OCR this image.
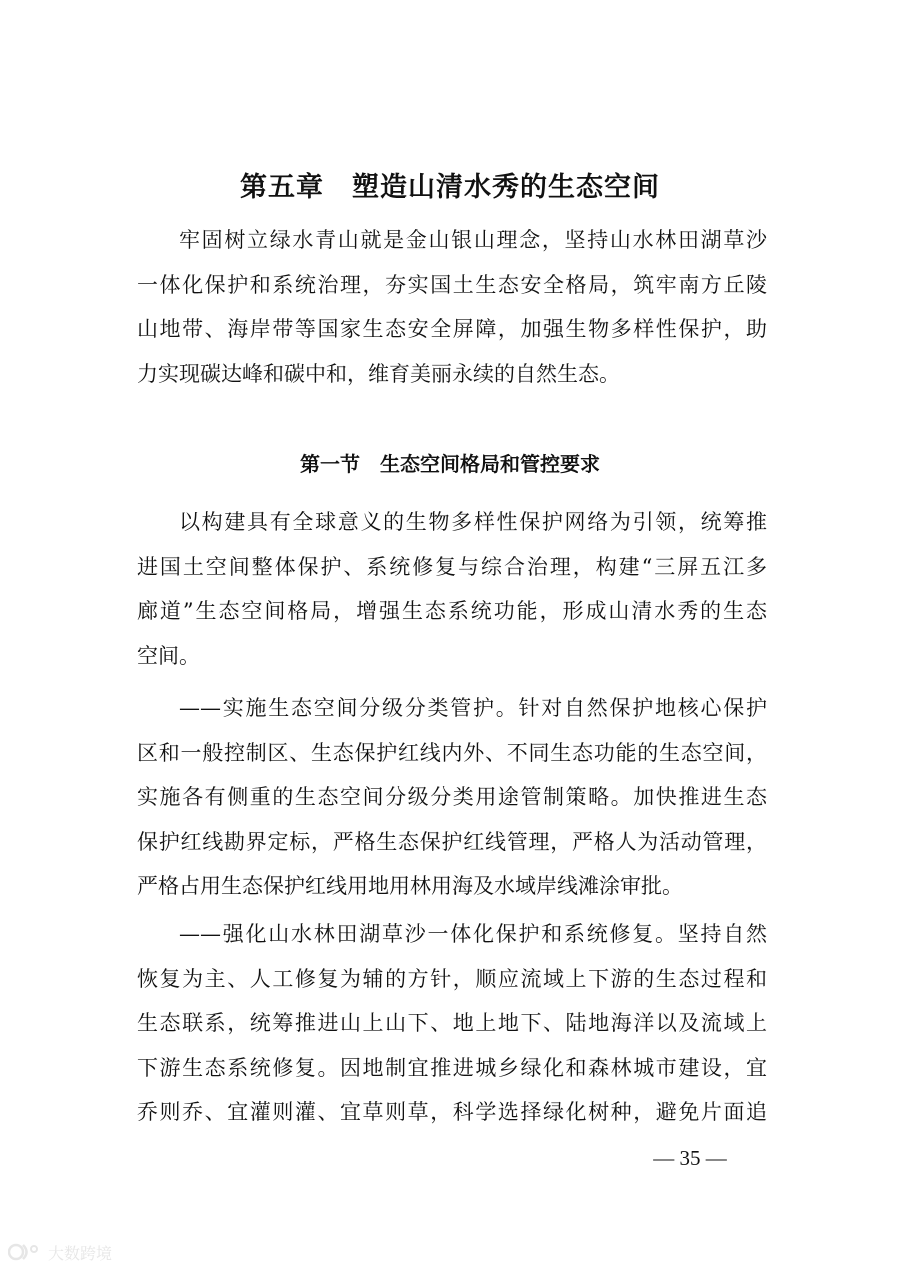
第五章　塑造山清水秀的生态空间
牢固树立绿水青山就是金山银山理念，坚持山水林田湖草沙
一体化保护和系统治理，夯实国土生态安全格局，筑牢南方丘陵
山地带、海岸带等国家生态安全屏障，加强生物多样性保护，助
力实现碳达峰和碳中和，维育美丽永续的自然生态。
第一节　生态空间格局和管控要求
以构建具有全球意义的生物多样性保护网络为引领，统筹推
进国土空间整体保护、系统修复与综合治理，构建“三屏五江多
廊道”生态空间格局，增强生态系统功能，形成山清水秀的生态
空间。
——实施生态空间分级分类管护。针对自然保护地核心保护
区和一般控制区、生态保护红线内外、不同生态功能的生态空间，
实施各有侧重的生态空间分级分类用途管制策略。加快推进生态
保护红线勘界定标，严格生态保护红线管理，严格人为活动管理，
严格占用生态保护红线用地用林用海及水域岸线滩涂审批。
——强化山水林田湖草沙一体化保护和系统修复。坚持自然
恢复为主、人工修复为辅的方针，顺应流域上下游的生态过程和
生态联系，统筹推进山上山下、地上地下、陆地海洋以及流域上
下游生态系统修复。因地制宜推进城乡绿化和森林城市建设，宜
乔则乔、宜灌则灌、宜草则草，科学选择绿化树种，避免片面追
— 35 —
大数跨境
